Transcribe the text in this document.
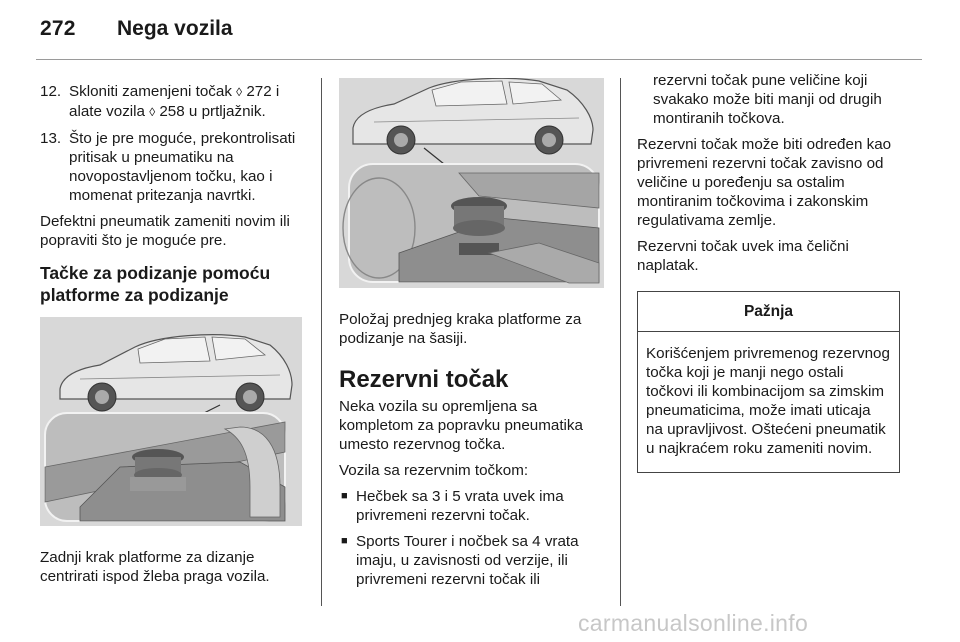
272 Nega vozila
12. Skloniti zamenjeni točak ◊ 272 i alate vozila ◊ 258 u prtljažnik.
13. Što je pre moguće, prekontrolisati pritisak u pneumatiku na novopostavljenom točku, kao i momenat pritezanja navrtki.

Defektni pneumatik zameniti novim ili popraviti što je moguće pre.

Tačke za podizanje pomoću platforme za podizanje

Zadnji krak platforme za dizanje centrirati ispod žleba praga vozila.

Položaj prednjeg kraka platforme za podizanje na šasiji.

Rezervni točak

Neka vozila su opremljena sa kompletom za popravku pneumatika umesto rezervnog točka.

Vozila sa rezervnim točkom:

■ Hečbek sa 3 i 5 vrata uvek ima privremeni rezervni točak.
■ Sports Tourer i nočbek sa 4 vrata imaju, u zavisnosti od verzije, ili privremeni rezervni točak ili

rezervni točak pune veličine koji svakako može biti manji od drugih montiranih točkova.

Rezervni točak može biti određen kao privremeni rezervni točak zavisno od veličine u poređenju sa ostalim montiranim točkovima i zakonskim regulativama zemlje.

Rezervni točak uvek ima čelični naplatak.

Pažnja
Korišćenjem privremenog rezervnog točka koji je manji nego ostali točkovi ili kombinacijom sa zimskim pneumaticima, može imati uticaja na upravljivost. Oštećeni pneumatik u najkraćem roku zameniti novim.
carmanualsonline.info
